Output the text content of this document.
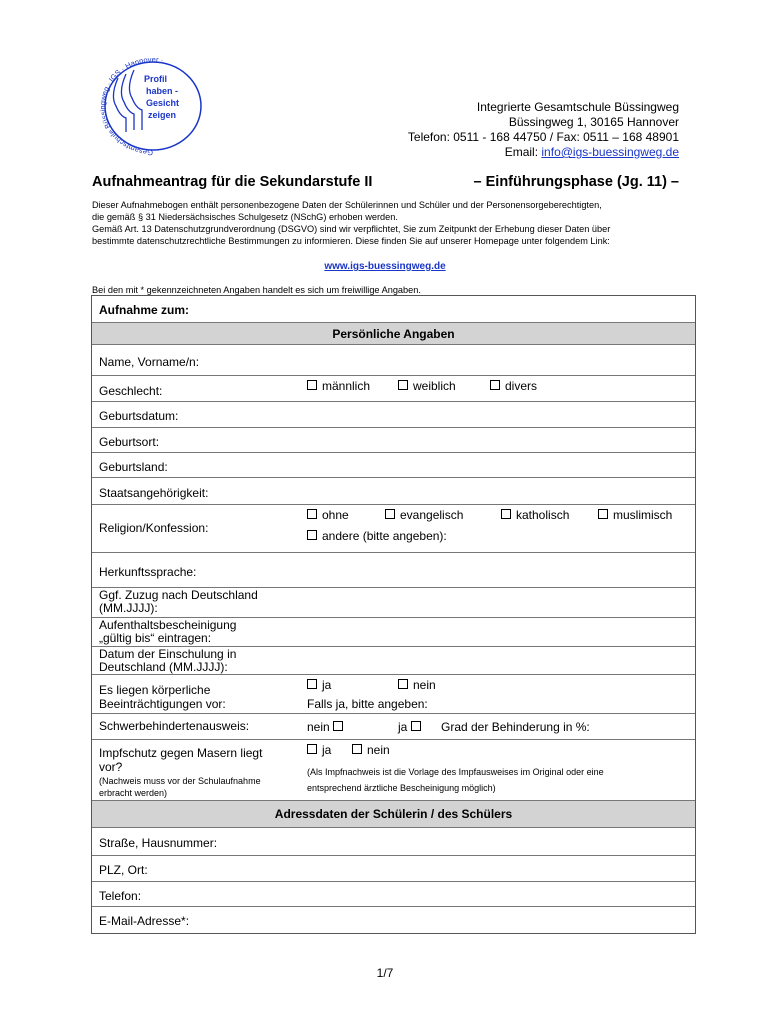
Gesamtschule Büssingweg · IGS · Hannover ·
Profil
haben -
Gesicht
zeigen
Integrierte Gesamtschule Büssingweg
Büssingweg 1, 30165 Hannover
Telefon: 0511 - 168 44750 / Fax: 0511 – 168 48901
Email: info@igs-buessingweg.de
Aufnahmeantrag für die Sekundarstufe II	– Einführungsphase (Jg. 11) –
Dieser Aufnahmebogen enthält personenbezogene Daten der Schülerinnen und Schüler und der Personensorgeberechtigten,
die gemäß § 31 Niedersächsisches Schulgesetz (NSchG) erhoben werden.
Gemäß Art. 13 Datenschutzgrundverordnung (DSGVO) sind wir verpflichtet, Sie zum Zeitpunkt der Erhebung dieser Daten über
bestimmte datenschutzrechtliche Bestimmungen zu informieren. Diese finden Sie auf unserer Homepage unter folgendem Link:
www.igs-buessingweg.de
Bei den mit * gekennzeichneten Angaben handelt es sich um freiwillige Angaben.
Aufnahme zum:
Persönliche Angaben
Name, Vorname/n:
Geschlecht:	männlich	weiblich	divers
Geburtsdatum:
Geburtsort:
Geburtsland:
Staatsangehörigkeit:
Religion/Konfession:
ohne	evangelisch	katholisch	muslimisch
andere (bitte angeben):
Herkunftssprache:
Ggf. Zuzug nach Deutschland
(MM.JJJJ):
Aufenthaltsbescheinigung
„gültig bis“ eintragen:
Datum der Einschulung in
Deutschland (MM.JJJJ):
Es liegen körperliche
Beeinträchtigungen vor:
ja	nein
Falls ja, bitte angeben:
Schwerbehindertenausweis:	nein	ja	Grad der Behinderung in %:
Impfschutz gegen Masern liegt
vor?
(Nachweis muss vor der Schulaufnahme
erbracht werden)
ja	nein
(Als Impfnachweis ist die Vorlage des Impfausweises im Original oder eine
entsprechend ärztliche Bescheinigung möglich)
Adressdaten der Schülerin / des Schülers
Straße, Hausnummer:
PLZ, Ort:
Telefon:
E-Mail-Adresse*:
1/7
